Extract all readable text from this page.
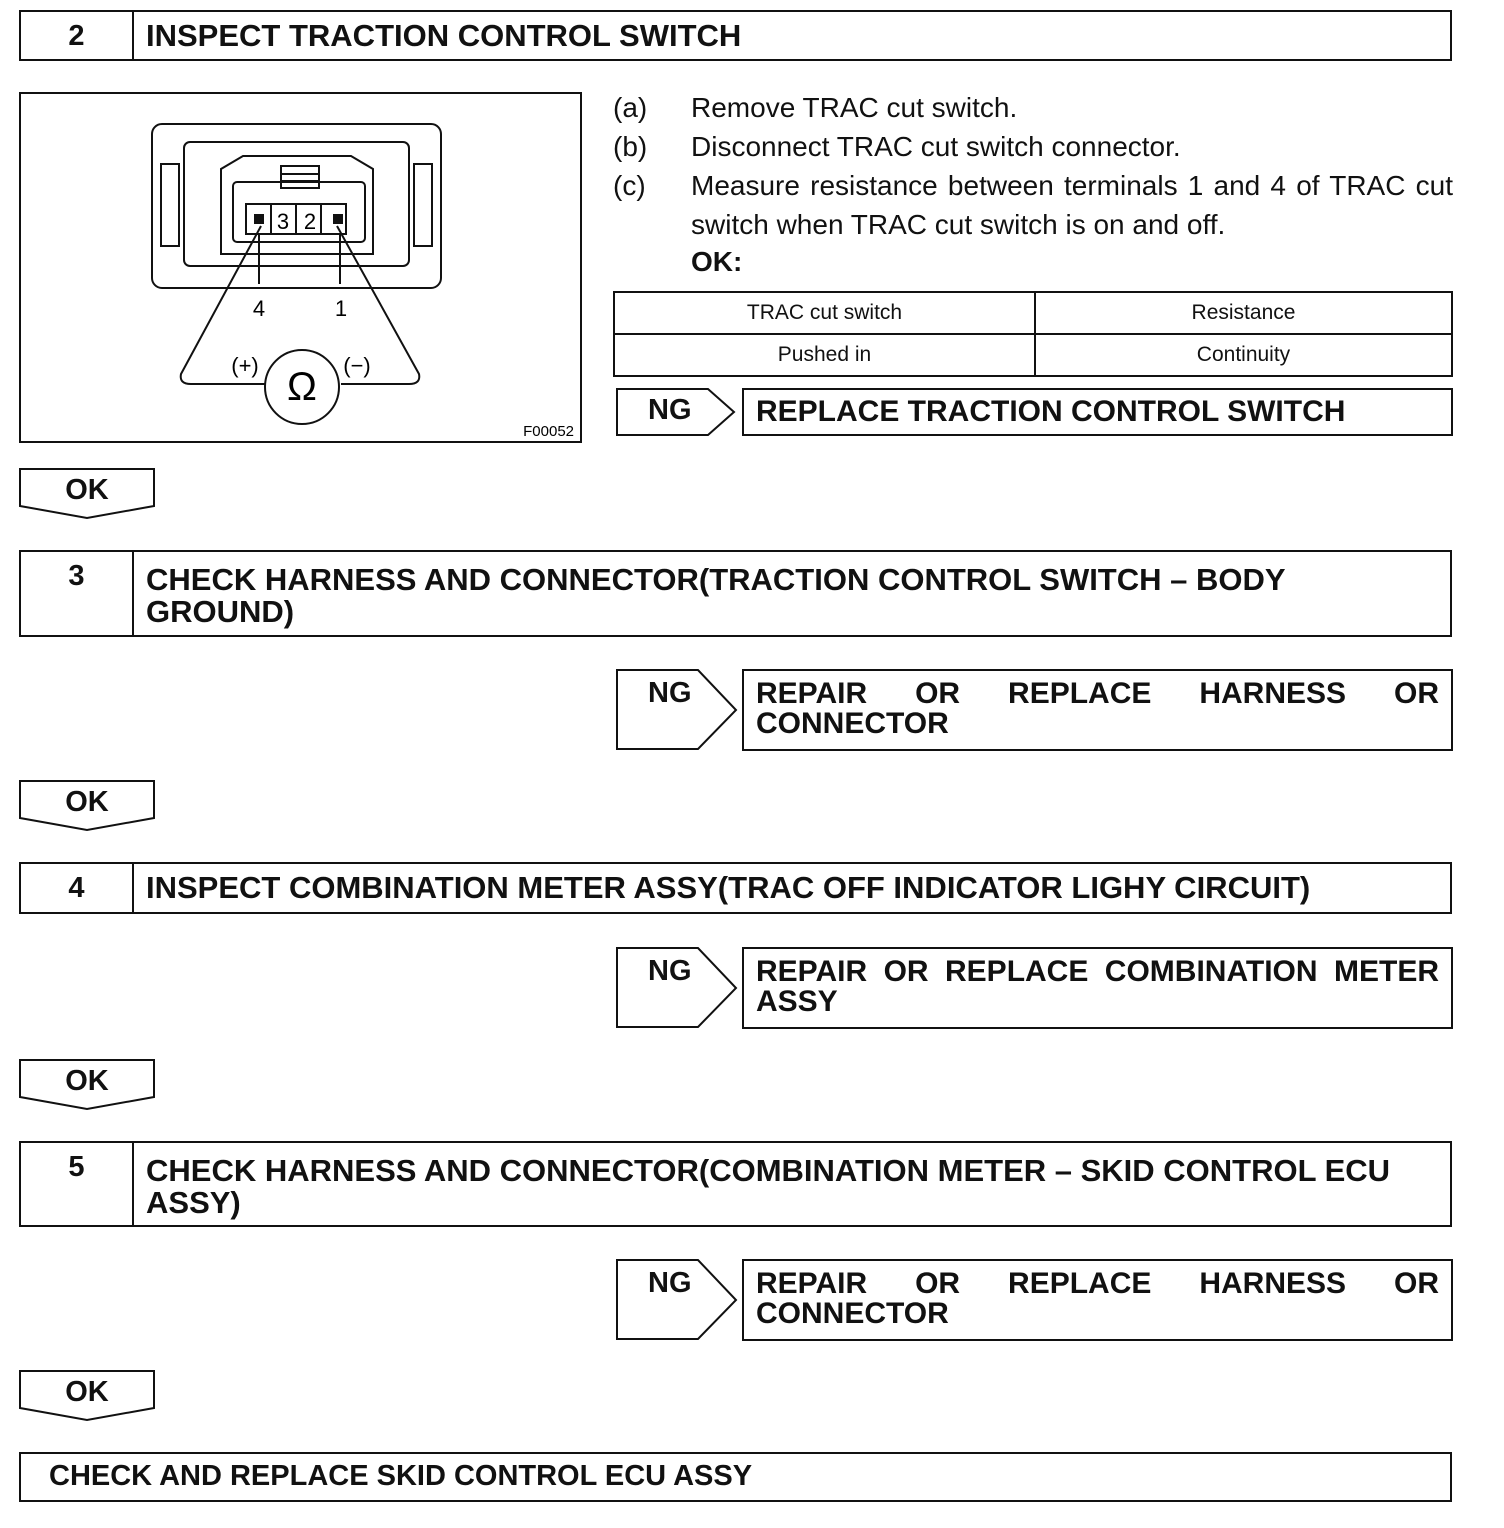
2	INSPECT TRACTION CONTROL SWITCH
3 2
4	1
(+)	(−)
Ω
F00052
(a) Remove TRAC cut switch.
(b) Disconnect TRAC cut switch connector.
(c) Measure resistance between terminals 1 and 4 of TRAC cut switch when TRAC cut switch is on and off.
OK:
TRAC cut switch	Resistance
Pushed in	Continuity
NG	REPLACE TRACTION CONTROL SWITCH
OK
3	CHECK HARNESS AND CONNECTOR(TRACTION CONTROL SWITCH – BODY GROUND)
NG	REPAIR OR REPLACE HARNESS OR CONNECTOR
OK
4	INSPECT COMBINATION METER ASSY(TRAC OFF INDICATOR LIGHY CIRCUIT)
NG	REPAIR OR REPLACE COMBINATION METER ASSY
OK
5	CHECK HARNESS AND CONNECTOR(COMBINATION METER – SKID CONTROL ECU ASSY)
NG	REPAIR OR REPLACE HARNESS OR CONNECTOR
OK
CHECK AND REPLACE SKID CONTROL ECU ASSY
